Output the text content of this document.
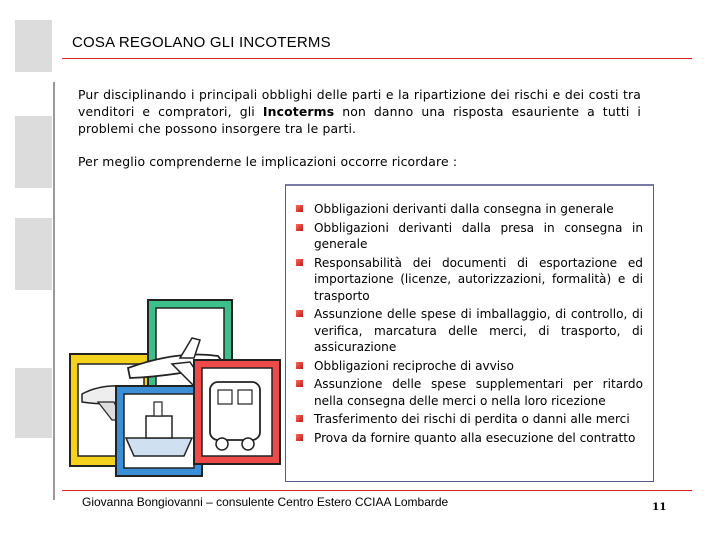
COSA REGOLANO GLI INCOTERMS
Pur disciplinando i principali obblighi delle parti e la ripartizione dei rischi e dei costi tra venditori e compratori, gli Incoterms non danno una risposta esauriente a tutti i problemi che possono insorgere tra le parti.
Per meglio comprenderne le implicazioni occorre ricordare :
Obbligazioni derivanti dalla consegna in generale
Obbligazioni derivanti dalla presa in consegna in generale
Responsabilità dei documenti di esportazione ed importazione (licenze, autorizzazioni, formalità) e di trasporto
Assunzione delle spese di imballaggio, di controllo, di verifica, marcatura delle merci, di trasporto, di assicurazione
Obbligazioni reciproche di avviso
Assunzione delle spese supplementari per ritardo nella consegna delle merci o nella loro ricezione
Trasferimento dei rischi di perdita o danni alle merci
Prova da fornire quanto alla esecuzione del contratto
Giovanna Bongiovanni – consulente Centro Estero CCIAA Lombarde	11
